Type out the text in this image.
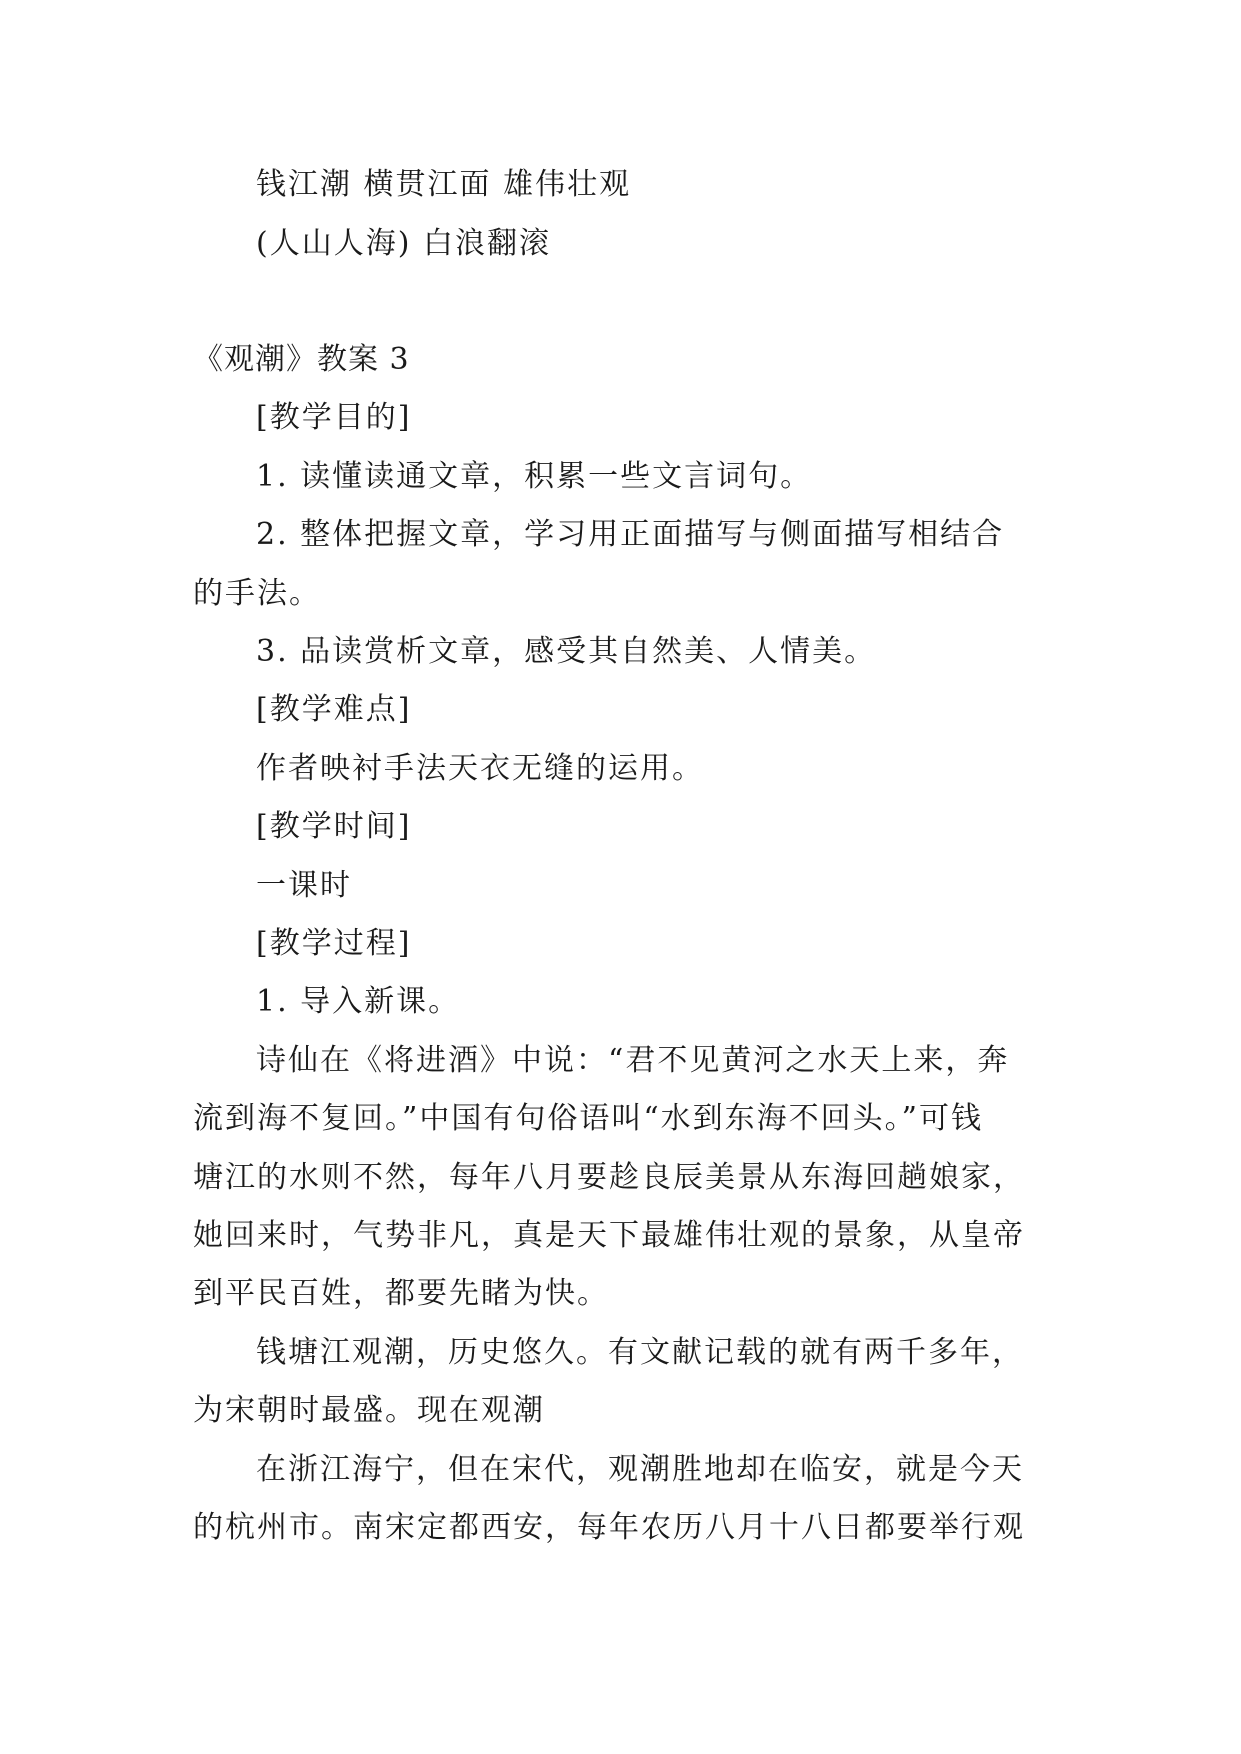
钱江潮 横贯江面 雄伟壮观
(人山人海) 白浪翻滚
《观潮》教案 3
[教学目的]
1. 读懂读通文章，积累一些文言词句。
2. 整体把握文章，学习用正面描写与侧面描写相结合
的手法。
3. 品读赏析文章，感受其自然美、人情美。
[教学难点]
作者映衬手法天衣无缝的运用。
[教学时间]
一课时
[教学过程]
1. 导入新课。
诗仙在《将进酒》中说：“君不见黄河之水天上来，奔
流到海不复回。”中国有句俗语叫“水到东海不回头。”可钱
塘江的水则不然，每年八月要趁良辰美景从东海回趟娘家，
她回来时，气势非凡，真是天下最雄伟壮观的景象，从皇帝
到平民百姓，都要先睹为快。
钱塘江观潮，历史悠久。有文献记载的就有两千多年，
为宋朝时最盛。现在观潮
在浙江海宁，但在宋代，观潮胜地却在临安，就是今天
的杭州市。南宋定都西安，每年农历八月十八日都要举行观
